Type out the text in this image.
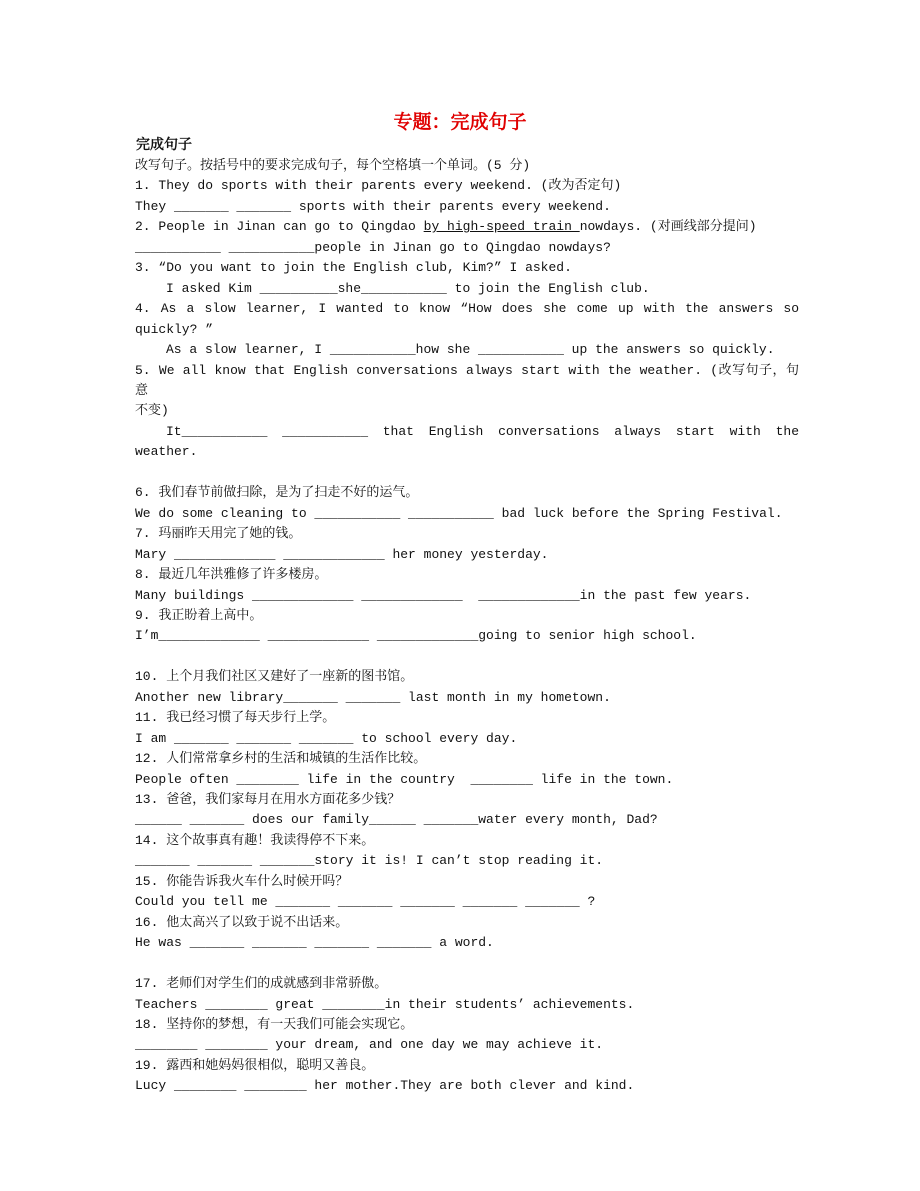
专题：完成句子
完成句子
改写句子。按括号中的要求完成句子，每个空格填一个单词。(5 分)
1. They do sports with their parents every weekend. (改为否定句)
They _______ _______ sports with their parents every weekend.
2. People in Jinan can go to Qingdao by high-speed train nowdays. (对画线部分提问)
___________ ___________people in Jinan go to Qingdao nowdays?
3. “Do you want to join the English club, Kim?” I asked.
I asked Kim __________she___________ to join the English club.
4. As a slow learner, I wanted to know “How does she come up with the answers so
quickly? ”
As a slow learner, I ___________how she ___________ up the answers so quickly.
5. We all know that English conversations always start with the weather. (改写句子，句意
不变)
It___________ ___________ that English conversations always start with the
weather.
6. 我们春节前做扫除，是为了扫走不好的运气。
We do some cleaning to ___________ ___________ bad luck before the Spring Festival.
7. 玛丽昨天用完了她的钱。
Mary _____________ _____________ her money yesterday.
8. 最近几年洪雅修了许多楼房。
Many buildings _____________ _____________  _____________in the past few years.
9. 我正盼着上高中。
I’m_____________ _____________ _____________going to senior high school.
10. 上个月我们社区又建好了一座新的图书馆。
Another new library_______ _______ last month in my hometown.
11. 我已经习惯了每天步行上学。
I am _______ _______ _______ to school every day.
12. 人们常常拿乡村的生活和城镇的生活作比较。
People often ________ life in the country  ________ life in the town.
13. 爸爸，我们家每月在用水方面花多少钱？
______ _______ does our family______ _______water every month, Dad?
14. 这个故事真有趣！我读得停不下来。
_______ _______ _______story it is! I can’t stop reading it.
15. 你能告诉我火车什么时候开吗？
Could you tell me _______ _______ _______ _______ _______ ?
16. 他太高兴了以致于说不出话来。
He was _______ _______ _______ _______ a word.
17. 老师们对学生们的成就感到非常骄傲。
Teachers ________ great ________in their students’ achievements.
18. 坚持你的梦想，有一天我们可能会实现它。
________ ________ your dream, and one day we may achieve it.
19. 露西和她妈妈很相似，聪明又善良。
Lucy ________ ________ her mother.They are both clever and kind.
